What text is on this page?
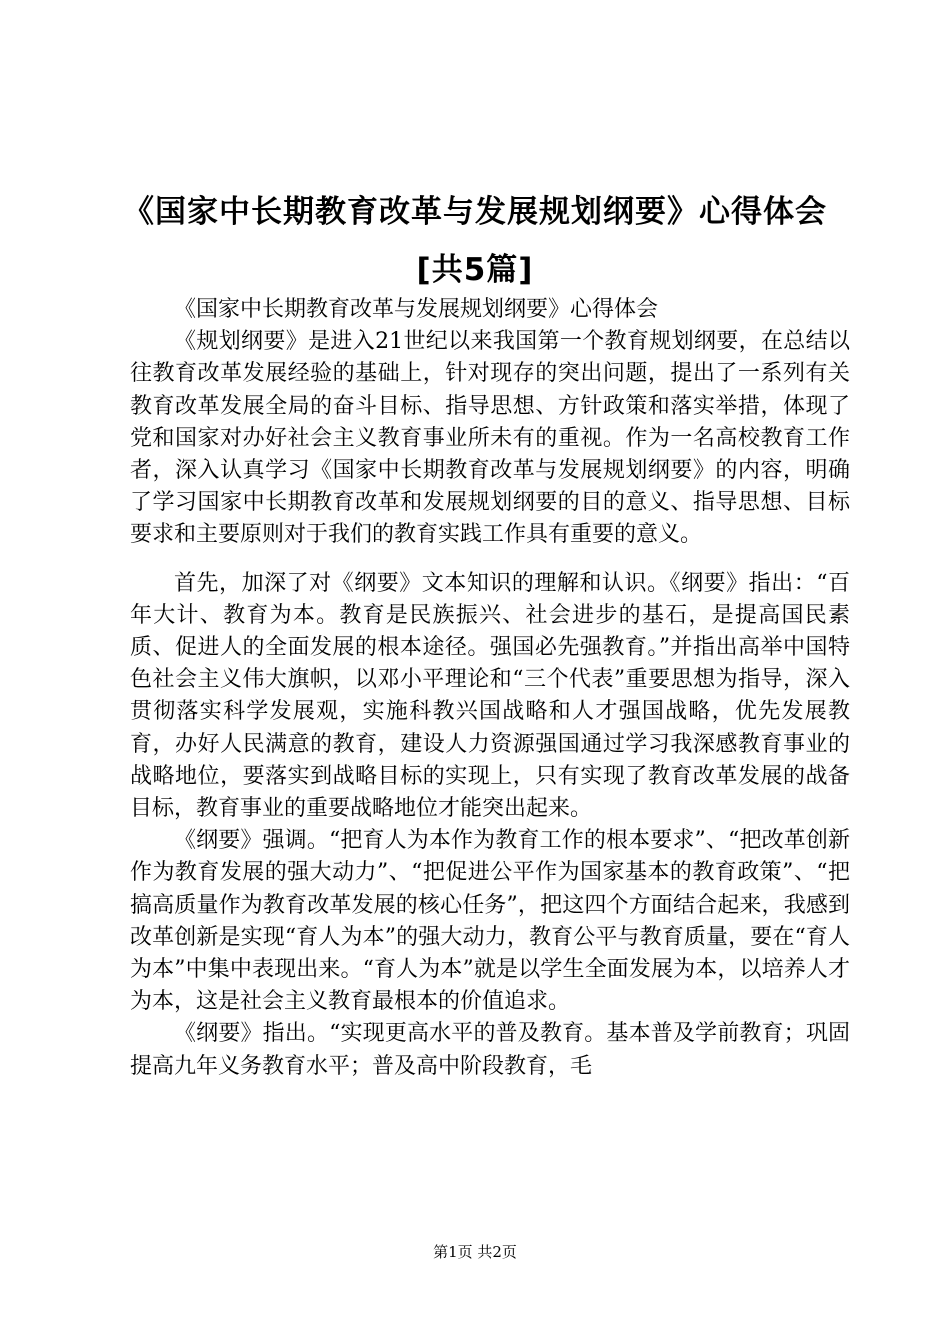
《国家中长期教育改革与发展规划纲要》心得体会[共5篇]

《国家中长期教育改革与发展规划纲要》心得体会

《规划纲要》是进入21世纪以来我国第一个教育规划纲要，在总结以往教育改革发展经验的基础上，针对现存的突出问题，提出了一系列有关教育改革发展全局的奋斗目标、指导思想、方针政策和落实举措，体现了党和国家对办好社会主义教育事业所未有的重视。作为一名高校教育工作者，深入认真学习《国家中长期教育改革与发展规划纲要》的内容，明确了学习国家中长期教育改革和发展规划纲要的目的意义、指导思想、目标要求和主要原则对于我们的教育实践工作具有重要的意义。

首先，加深了对《纲要》文本知识的理解和认识。《纲要》指出：“百年大计、教育为本。教育是民族振兴、社会进步的基石，是提高国民素质、促进人的全面发展的根本途径。强国必先强教育。”并指出高举中国特色社会主义伟大旗帜，以邓小平理论和“三个代表”重要思想为指导，深入贯彻落实科学发展观，实施科教兴国战略和人才强国战略，优先发展教育，办好人民满意的教育，建设人力资源强国通过学习我深感教育事业的战略地位，要落实到战略目标的实现上，只有实现了教育改革发展的战备目标，教育事业的重要战略地位才能突出起来。

《纲要》强调。“把育人为本作为教育工作的根本要求”、“把改革创新作为教育发展的强大动力”、“把促进公平作为国家基本的教育政策”、“把搞高质量作为教育改革发展的核心任务”，把这四个方面结合起来，我感到改革创新是实现“育人为本”的强大动力，教育公平与教育质量，要在“育人为本”中集中表现出来。“育人为本”就是以学生全面发展为本，以培养人才为本，这是社会主义教育最根本的价值追求。

《纲要》指出。“实现更高水平的普及教育。基本普及学前教育；巩固提高九年义务教育水平；普及高中阶段教育，毛

第1页 共2页
